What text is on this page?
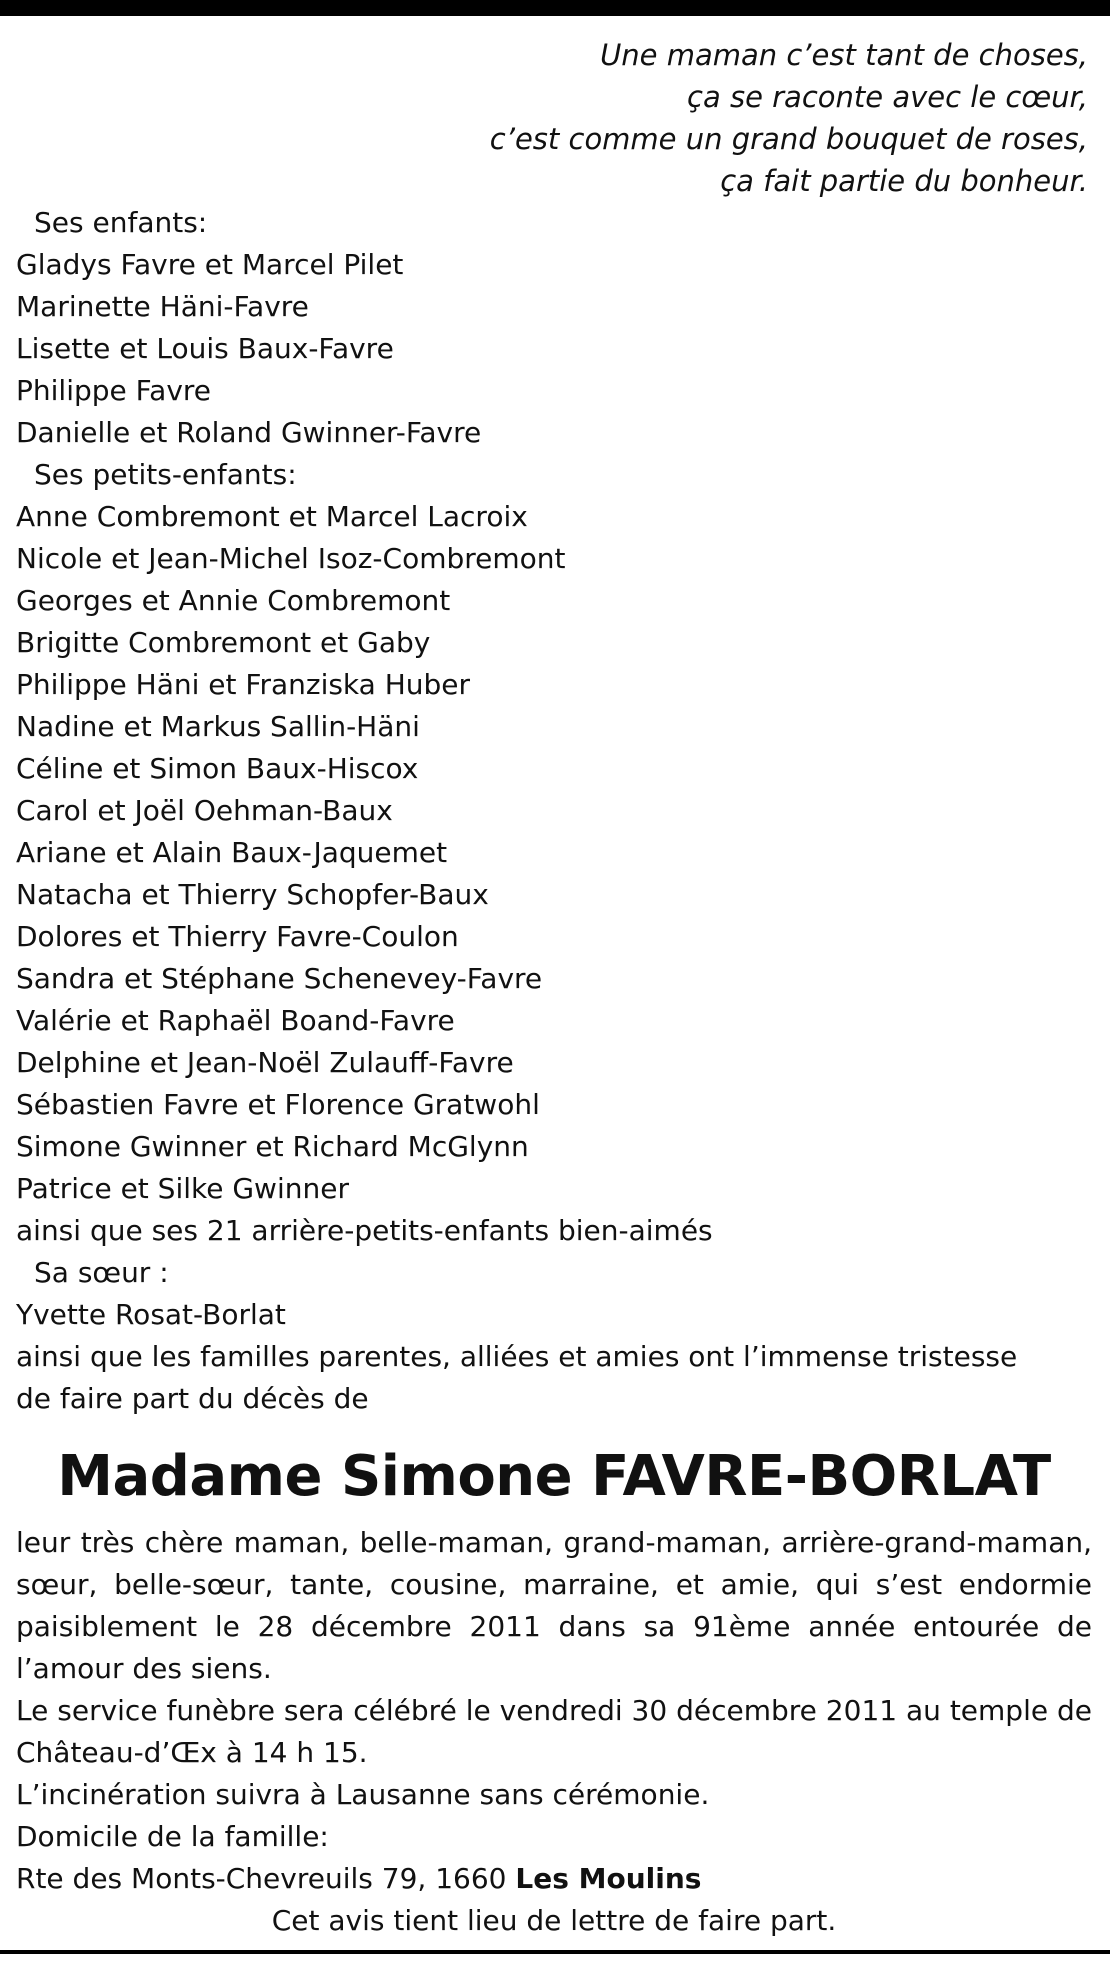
Une maman c’est tant de choses,
ça se raconte avec le cœur,
c’est comme un grand bouquet de roses,
ça fait partie du bonheur.
Ses enfants:
Gladys Favre et Marcel Pilet
Marinette Häni-Favre
Lisette et Louis Baux-Favre
Philippe Favre
Danielle et Roland Gwinner-Favre
Ses petits-enfants:
Anne Combremont et Marcel Lacroix
Nicole et Jean-Michel Isoz-Combremont
Georges et Annie Combremont
Brigitte Combremont et Gaby
Philippe Häni et Franziska Huber
Nadine et Markus Sallin-Häni
Céline et Simon Baux-Hiscox
Carol et Joël Oehman-Baux
Ariane et Alain Baux-Jaquemet
Natacha et Thierry Schopfer-Baux
Dolores et Thierry Favre-Coulon
Sandra et Stéphane Schenevey-Favre
Valérie et Raphaël Boand-Favre
Delphine et Jean-Noël Zulauff-Favre
Sébastien Favre et Florence Gratwohl
Simone Gwinner et Richard McGlynn
Patrice et Silke Gwinner
ainsi que ses 21 arrière-petits-enfants bien-aimés
Sa sœur :
Yvette Rosat-Borlat
ainsi que les familles parentes, alliées et amies ont l’immense tristesse
de faire part du décès de
Madame Simone FAVRE-BORLAT
leur très chère maman, belle-maman, grand-maman, arrière-grand-maman, sœur, belle-sœur, tante, cousine, marraine, et amie, qui s’est endormie paisiblement le 28 décembre 2011 dans sa 91ème année entourée de l’amour des siens.
Le service funèbre sera célébré le vendredi 30 décembre 2011 au temple de Château-d’Œx à 14 h 15.
L’incinération suivra à Lausanne sans cérémonie.
Domicile de la famille:
Rte des Monts-Chevreuils 79, 1660 Les Moulins
Cet avis tient lieu de lettre de faire part.
